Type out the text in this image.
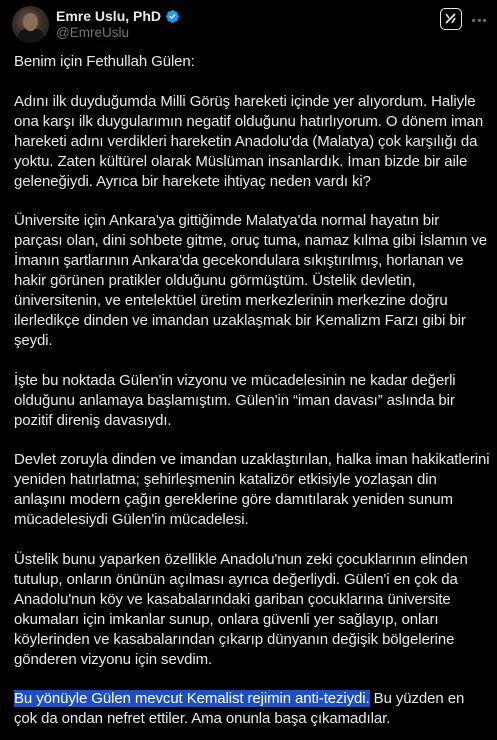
Emre Uslu, PhD
@EmreUslu

Benim için Fethullah Gülen:

Adını ilk duyduğumda Milli Görüş hareketi içinde yer alıyordum. Haliyle ona karşı ilk duygularımın negatif olduğunu hatırlıyorum. O dönem iman hareketi adını verdikleri hareketin Anadolu'da (Malatya) çok karşılığı da yoktu. Zaten kültürel olarak Müslüman insanlardık. İman bizde bir aile geleneğiydi. Ayrıca bir harekete ihtiyaç neden vardı ki?

Üniversite için Ankara'ya gittiğimde Malatya'da normal hayatın bir parçası olan, dini sohbete gitme, oruç tuma, namaz kılma gibi İslamın ve İmanın şartlarının Ankara'da gecekondulara sıkıştırılmış, horlanan ve hakir görünen pratikler olduğunu görmüştüm. Üstelik devletin, üniversitenin, ve entelektüel üretim merkezlerinin merkezine doğru ilerledikçe dinden ve imandan uzaklaşmak bir Kemalizm Farzı gibi bir şeydi.

İşte bu noktada Gülen'in vizyonu ve mücadelesinin ne kadar değerli olduğunu anlamaya başlamıştım. Gülen'in “iman davası” aslında bir pozitif direniş davasıydı.

Devlet zoruyla dinden ve imandan uzaklaştırılan, halka iman hakikatlerini yeniden hatırlatma; şehirleşmenin katalizör etkisiyle yozlaşan din anlaşını modern çağın gereklerine göre damıtılarak yeniden sunum mücadelesiydi Gülen'in mücadelesi.

Üstelik bunu yaparken özellikle Anadolu'nun zeki çocuklarının elinden tutulup, onların önünün açılması ayrıca değerliydi. Gülen'i en çok da Anadolu'nun köy ve kasabalarındaki gariban çocuklarına üniversite okumaları için imkanlar sunup, onlara güvenli yer sağlayıp, onları köylerinden ve kasabalarından çıkarıp dünyanın değişik bölgelerine gönderen vizyonu için sevdim.

Bu yönüyle Gülen mevcut Kemalist rejimin anti-teziydi. Bu yüzden en çok da ondan nefret ettiler. Ama onunla başa çıkamadılar.
